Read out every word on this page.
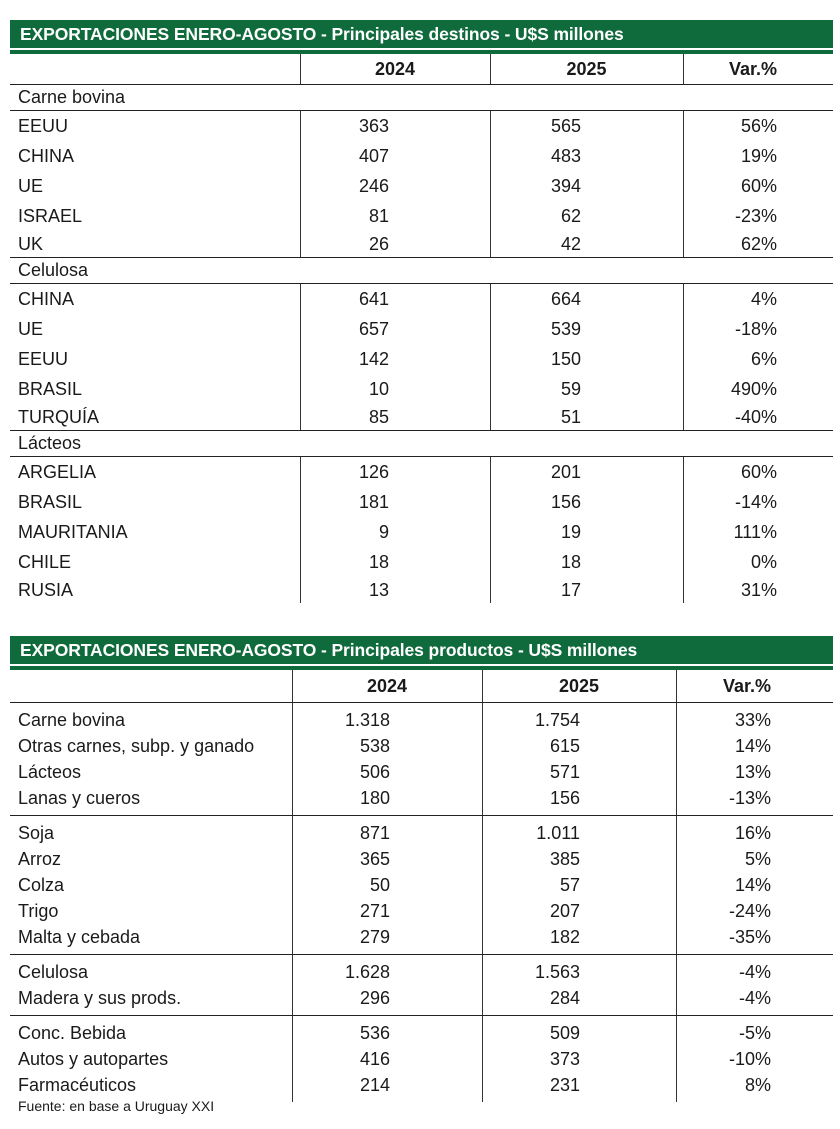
EXPORTACIONES ENERO-AGOSTO - Principales destinos - U$S millones
2024	2025	Var.%
Carne bovina
EEUU	363	565	56%
CHINA	407	483	19%
UE	246	394	60%
ISRAEL	81	62	-23%
UK	26	42	62%
Celulosa
CHINA	641	664	4%
UE	657	539	-18%
EEUU	142	150	6%
BRASIL	10	59	490%
TURQUÍA	85	51	-40%
Lácteos
ARGELIA	126	201	60%
BRASIL	181	156	-14%
MAURITANIA	9	19	111%
CHILE	18	18	0%
RUSIA	13	17	31%
EXPORTACIONES ENERO-AGOSTO - Principales productos - U$S millones
2024	2025	Var.%
Carne bovina	1.318	1.754	33%
Otras carnes, subp. y ganado	538	615	14%
Lácteos	506	571	13%
Lanas y cueros	180	156	-13%
Soja	871	1.011	16%
Arroz	365	385	5%
Colza	50	57	14%
Trigo	271	207	-24%
Malta y cebada	279	182	-35%
Celulosa	1.628	1.563	-4%
Madera y sus prods.	296	284	-4%
Conc. Bebida	536	509	-5%
Autos y autopartes	416	373	-10%
Farmacéuticos	214	231	8%
Fuente: en base a Uruguay XXI
